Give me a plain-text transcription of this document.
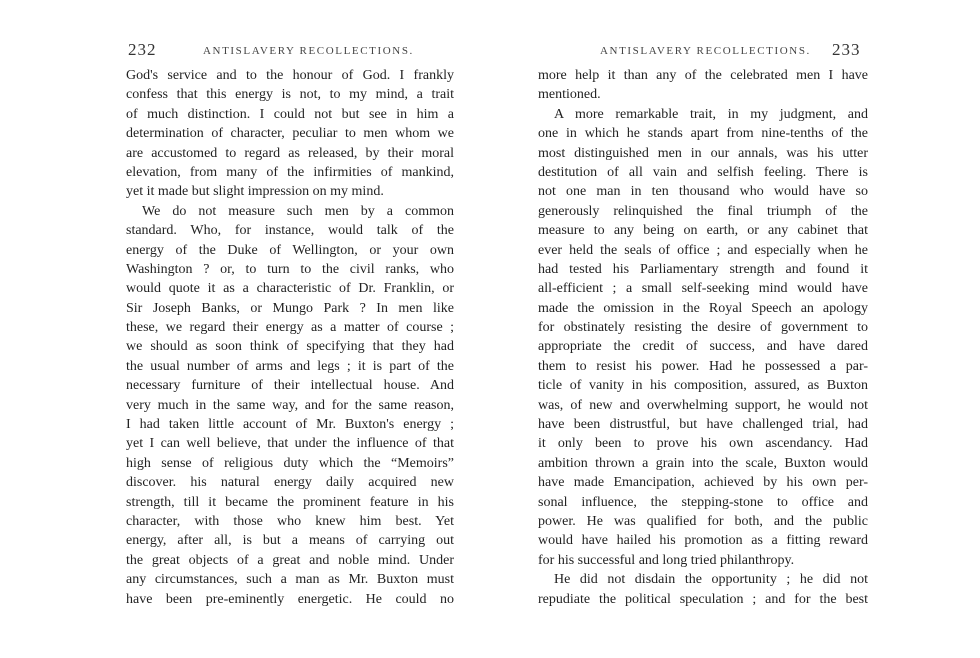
232	ANTISLAVERY RECOLLECTIONS.
God's service and to the honour of God. I frankly
confess that this energy is not, to my mind, a trait
of much distinction. I could not but see in him a
determination of character, peculiar to men whom we
are accustomed to regard as released, by their moral
elevation, from many of the infirmities of mankind,
yet it made but slight impression on my mind.
We do not measure such men by a common
standard. Who, for instance, would talk of the
energy of the Duke of Wellington, or your own
Washington ? or, to turn to the civil ranks, who
would quote it as a characteristic of Dr. Franklin, or
Sir Joseph Banks, or Mungo Park ? In men like
these, we regard their energy as a matter of course ;
we should as soon think of specifying that they had
the usual number of arms and legs ; it is part of the
necessary furniture of their intellectual house. And
very much in the same way, and for the same reason,
I had taken little account of Mr. Buxton's energy ;
yet I can well believe, that under the influence of that
high sense of religious duty which the “Memoirs”
discover. his natural energy daily acquired new
strength, till it became the prominent feature in his
character, with those who knew him best. Yet
energy, after all, is but a means of carrying out
the great objects of a great and noble mind. Under
any circumstances, such a man as Mr. Buxton must
have been pre-eminently energetic. He could no
ANTISLAVERY RECOLLECTIONS. 233
more help it than any of the celebrated men I have
mentioned.
A more remarkable trait, in my judgment, and
one in which he stands apart from nine-tenths of the
most distinguished men in our annals, was his utter
destitution of all vain and selfish feeling. There is
not one man in ten thousand who would have so
generously relinquished the final triumph of the
measure to any being on earth, or any cabinet that
ever held the seals of office ; and especially when he
had tested his Parliamentary strength and found it
all-efficient ; a small self-seeking mind would have
made the omission in the Royal Speech an apology
for obstinately resisting the desire of government to
appropriate the credit of success, and have dared
them to resist his power. Had he possessed a par-
ticle of vanity in his composition, assured, as Buxton
was, of new and overwhelming support, he would not
have been distrustful, but have challenged trial, had
it only been to prove his own ascendancy. Had
ambition thrown a grain into the scale, Buxton would
have made Emancipation, achieved by his own per-
sonal influence, the stepping-stone to office and
power. He was qualified for both, and the public
would have hailed his promotion as a fitting reward
for his successful and long tried philanthropy.
He did not disdain the opportunity ; he did not
repudiate the political speculation ; and for the best
